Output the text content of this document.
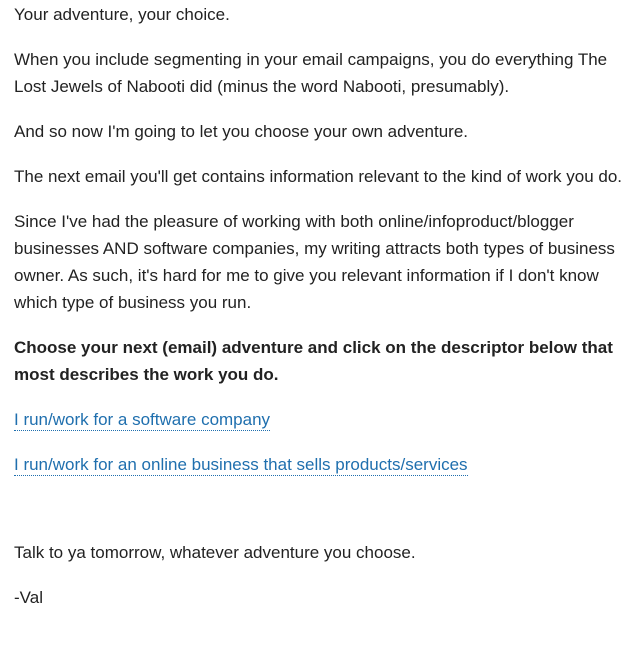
Your adventure, your choice.

When you include segmenting in your email campaigns, you do everything The Lost Jewels of Nabooti did (minus the word Nabooti, presumably).

And so now I'm going to let you choose your own adventure.

The next email you'll get contains information relevant to the kind of work you do.

Since I've had the pleasure of working with both online/infoproduct/blogger businesses AND software companies, my writing attracts both types of business owner. As such, it's hard for me to give you relevant information if I don't know which type of business you run.

Choose your next (email) adventure and click on the descriptor below that most describes the work you do.

I run/work for a software company

I run/work for an online business that sells products/services

Talk to ya tomorrow, whatever adventure you choose.

-Val
